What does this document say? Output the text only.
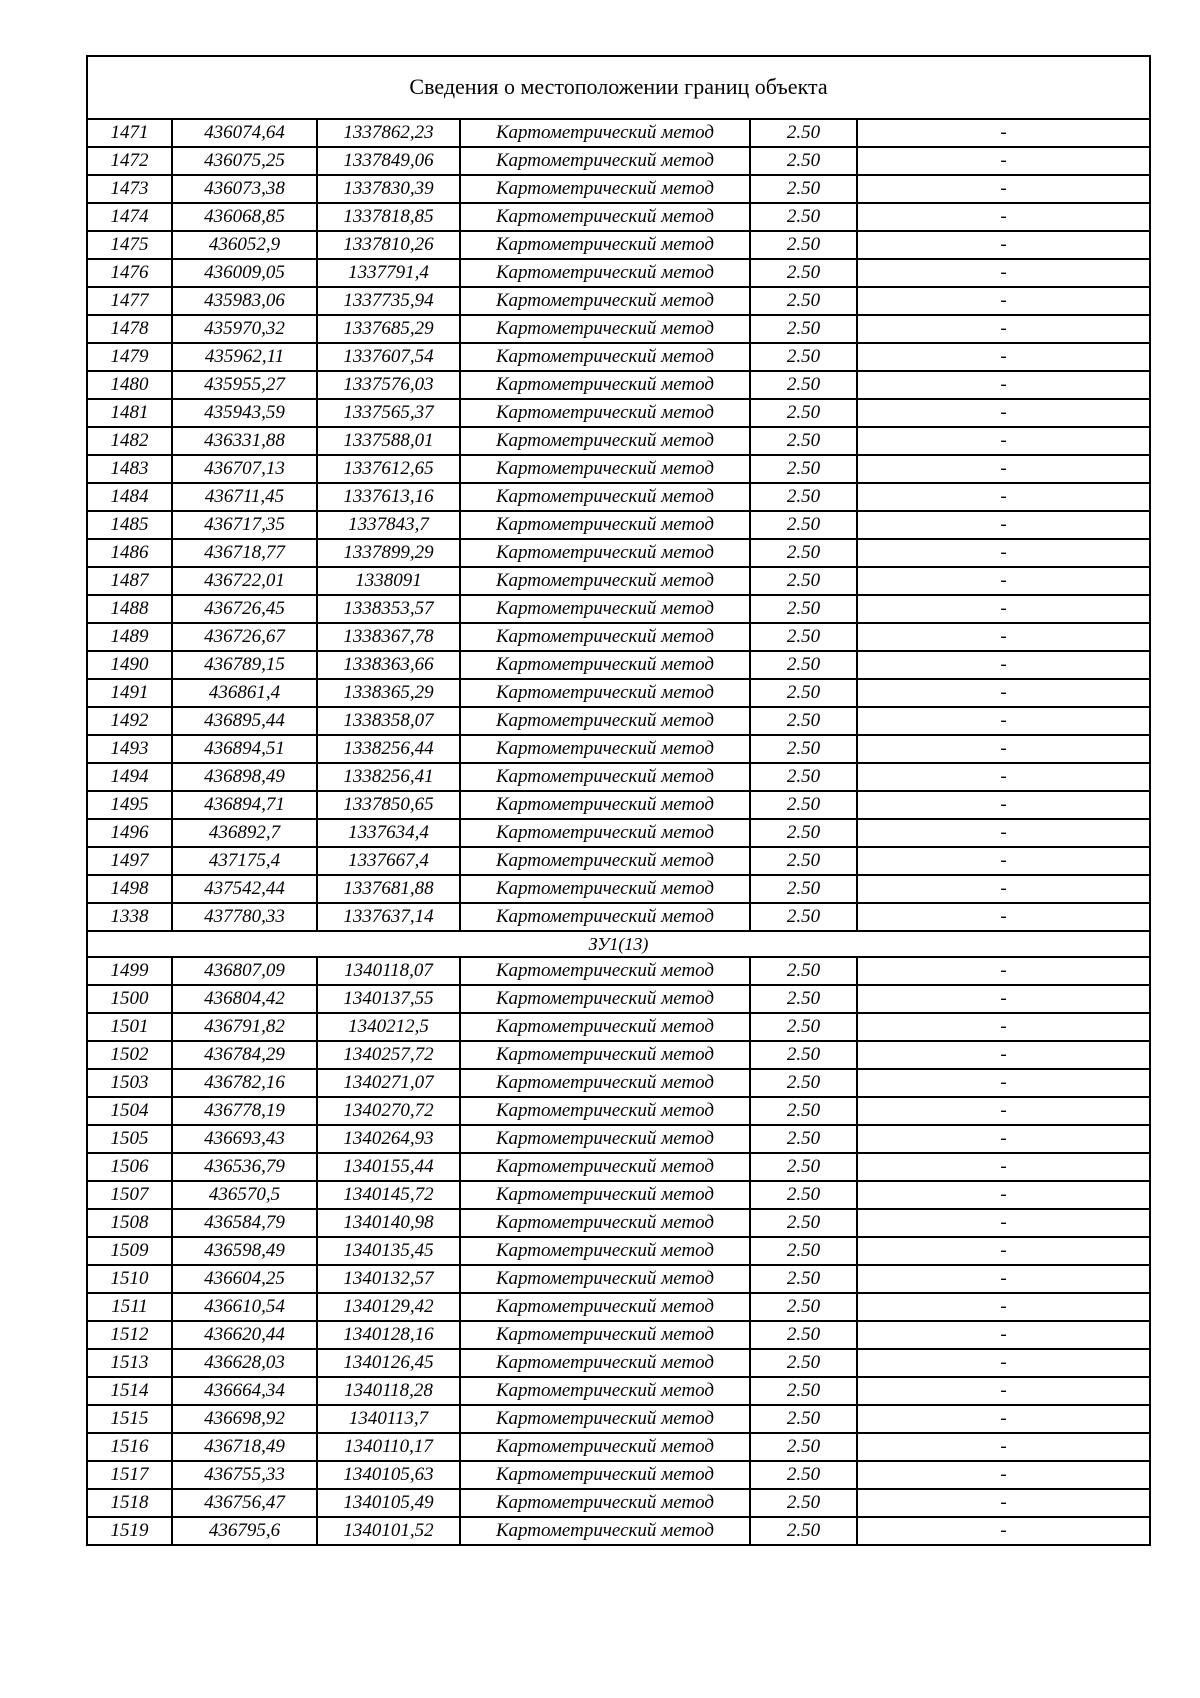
Сведения о местоположении границ объекта					
1471	436074,64	1337862,23	Картометрический метод	2.50	-
1472	436075,25	1337849,06	Картометрический метод	2.50	-
1473	436073,38	1337830,39	Картометрический метод	2.50	-
1474	436068,85	1337818,85	Картометрический метод	2.50	-
1475	436052,9	1337810,26	Картометрический метод	2.50	-
1476	436009,05	1337791,4	Картометрический метод	2.50	-
1477	435983,06	1337735,94	Картометрический метод	2.50	-
1478	435970,32	1337685,29	Картометрический метод	2.50	-
1479	435962,11	1337607,54	Картометрический метод	2.50	-
1480	435955,27	1337576,03	Картометрический метод	2.50	-
1481	435943,59	1337565,37	Картометрический метод	2.50	-
1482	436331,88	1337588,01	Картометрический метод	2.50	-
1483	436707,13	1337612,65	Картометрический метод	2.50	-
1484	436711,45	1337613,16	Картометрический метод	2.50	-
1485	436717,35	1337843,7	Картометрический метод	2.50	-
1486	436718,77	1337899,29	Картометрический метод	2.50	-
1487	436722,01	1338091	Картометрический метод	2.50	-
1488	436726,45	1338353,57	Картометрический метод	2.50	-
1489	436726,67	1338367,78	Картометрический метод	2.50	-
1490	436789,15	1338363,66	Картометрический метод	2.50	-
1491	436861,4	1338365,29	Картометрический метод	2.50	-
1492	436895,44	1338358,07	Картометрический метод	2.50	-
1493	436894,51	1338256,44	Картометрический метод	2.50	-
1494	436898,49	1338256,41	Картометрический метод	2.50	-
1495	436894,71	1337850,65	Картометрический метод	2.50	-
1496	436892,7	1337634,4	Картометрический метод	2.50	-
1497	437175,4	1337667,4	Картометрический метод	2.50	-
1498	437542,44	1337681,88	Картометрический метод	2.50	-
1338	437780,33	1337637,14	Картометрический метод	2.50	-
ЗУ1(13)					
1499	436807,09	1340118,07	Картометрический метод	2.50	-
1500	436804,42	1340137,55	Картометрический метод	2.50	-
1501	436791,82	1340212,5	Картометрический метод	2.50	-
1502	436784,29	1340257,72	Картометрический метод	2.50	-
1503	436782,16	1340271,07	Картометрический метод	2.50	-
1504	436778,19	1340270,72	Картометрический метод	2.50	-
1505	436693,43	1340264,93	Картометрический метод	2.50	-
1506	436536,79	1340155,44	Картометрический метод	2.50	-
1507	436570,5	1340145,72	Картометрический метод	2.50	-
1508	436584,79	1340140,98	Картометрический метод	2.50	-
1509	436598,49	1340135,45	Картометрический метод	2.50	-
1510	436604,25	1340132,57	Картометрический метод	2.50	-
1511	436610,54	1340129,42	Картометрический метод	2.50	-
1512	436620,44	1340128,16	Картометрический метод	2.50	-
1513	436628,03	1340126,45	Картометрический метод	2.50	-
1514	436664,34	1340118,28	Картометрический метод	2.50	-
1515	436698,92	1340113,7	Картометрический метод	2.50	-
1516	436718,49	1340110,17	Картометрический метод	2.50	-
1517	436755,33	1340105,63	Картометрический метод	2.50	-
1518	436756,47	1340105,49	Картометрический метод	2.50	-
1519	436795,6	1340101,52	Картометрический метод	2.50	-
